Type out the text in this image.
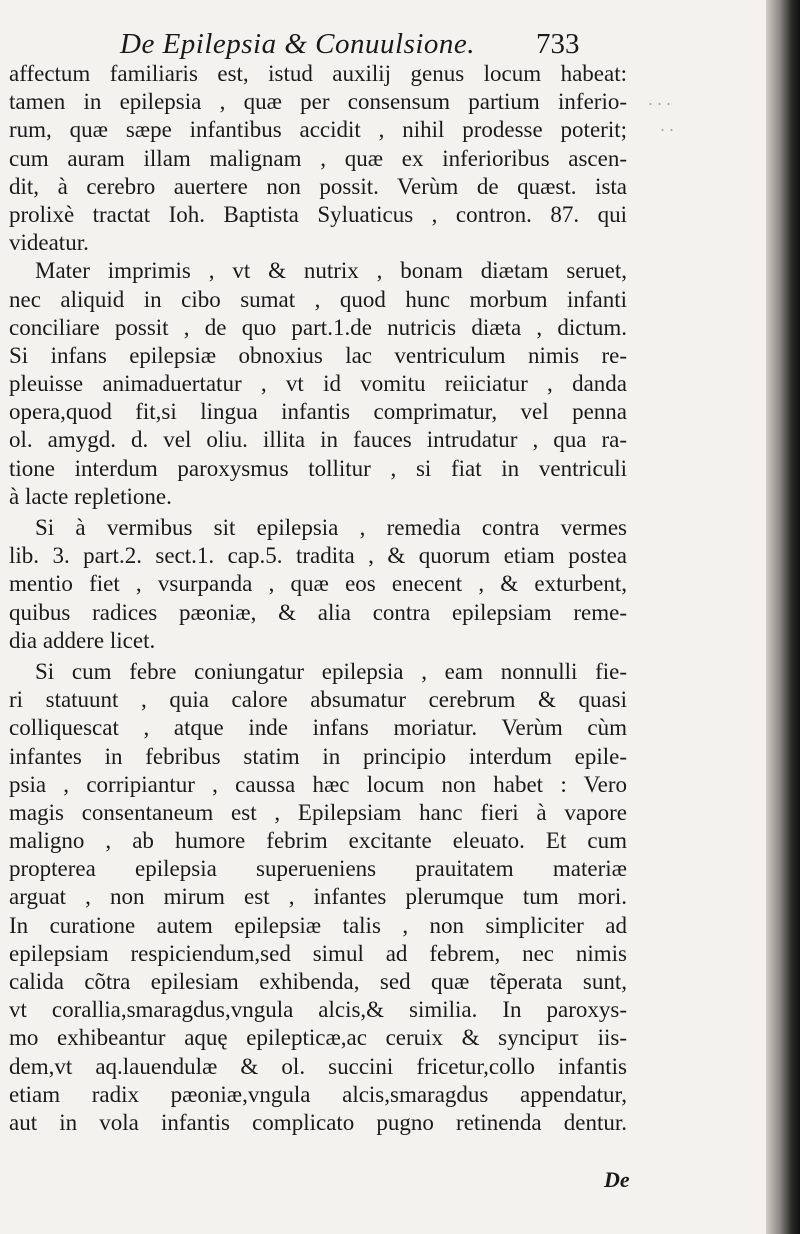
De Epilepsia & Conuulsione. 733
· · ·
· ·
affectum familiaris est, istud auxilij genus locum habeat:
tamen in epilepsia , quæ per consensum partium inferio-
rum, quæ sæpe infantibus accidit , nihil prodesse poterit;
cum auram illam malignam , quæ ex inferioribus ascen-
dit, à cerebro auertere non possit. Verùm de quæst. ista
prolixè tractat Ioh. Baptista Syluaticus , contron. 87. qui
videatur.
Mater imprimis , vt & nutrix , bonam diætam seruet,
nec aliquid in cibo sumat , quod hunc morbum infanti
conciliare possit , de quo part.1.de nutricis diæta , dictum.
Si infans epilepsiæ obnoxius lac ventriculum nimis re-
pleuisse animaduertatur , vt id vomitu reiiciatur , danda
opera,quod fit,si lingua infantis comprimatur, vel penna
ol. amygd. d. vel oliu. illita in fauces intrudatur , qua ra-
tione interdum paroxysmus tollitur , si fiat in ventriculi
à lacte repletione.
Si à vermibus sit epilepsia , remedia contra vermes
lib. 3. part.2. sect.1. cap.5. tradita , & quorum etiam postea
mentio fiet , vsurpanda , quæ eos enecent , & exturbent,
quibus radices pæoniæ, & alia contra epilepsiam reme-
dia addere licet.
Si cum febre coniungatur epilepsia , eam nonnulli fie-
ri statuunt , quia calore absumatur cerebrum & quasi
colliquescat , atque inde infans moriatur. Verùm cùm
infantes in febribus statim in principio interdum epile-
psia , corripiantur , caussa hæc locum non habet : Vero
magis consentaneum est , Epilepsiam hanc fieri à vapore
maligno , ab humore febrim excitante eleuato. Et cum
propterea epilepsia superueniens prauitatem materiæ
arguat , non mirum est , infantes plerumque tum mori.
In curatione autem epilepsiæ talis , non simpliciter ad
epilepsiam respiciendum,sed simul ad febrem, nec nimis
calida cõtra epilesiam exhibenda, sed quæ tẽperata sunt,
vt corallia,smaragdus,vngula alcis,& similia. In paroxys-
mo exhibeantur aquę epilepticæ,ac ceruix & syncipuτ iis-
dem,vt aq.lauendulæ & ol. succini fricetur,collo infantis
etiam radix pæoniæ,vngula alcis,smaragdus appendatur,
aut in vola infantis complicato pugno retinenda dentur.
De
